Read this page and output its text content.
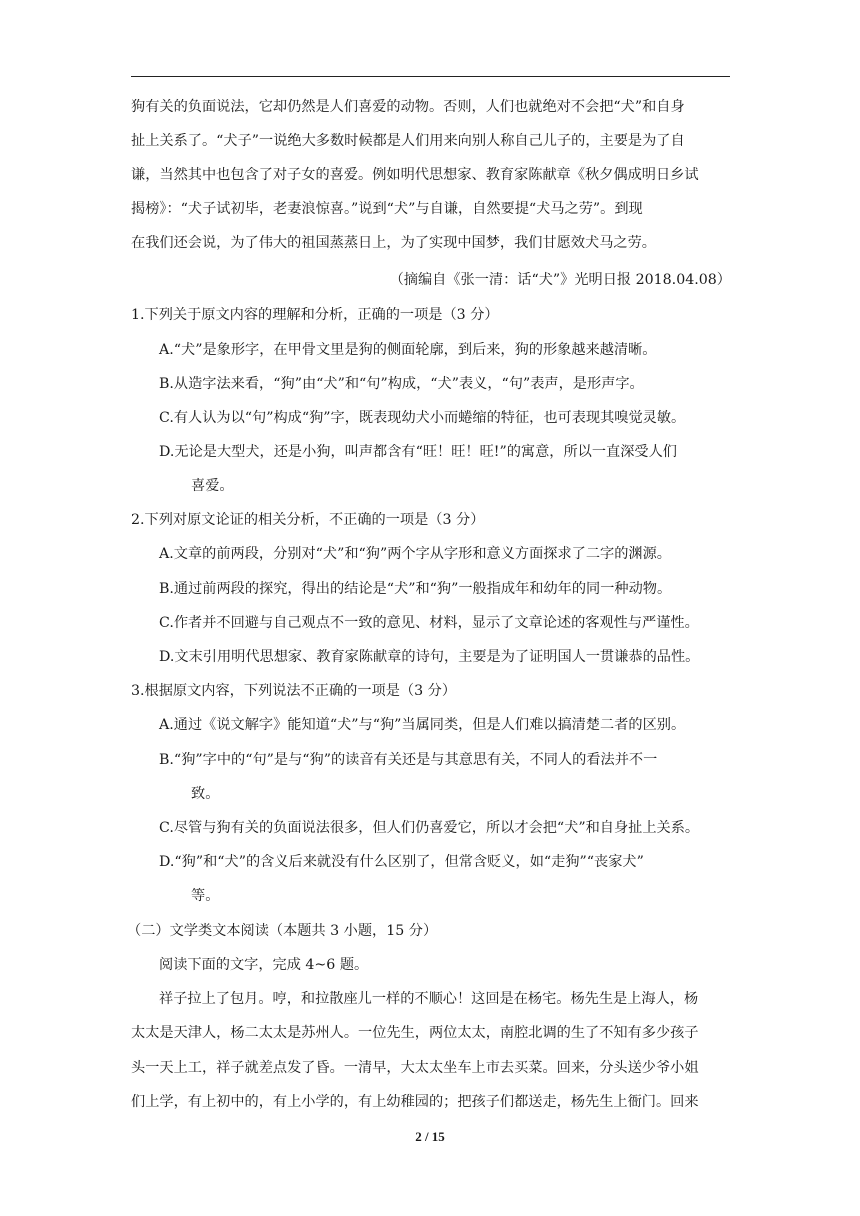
狗有关的负面说法，它却仍然是人们喜爱的动物。否则，人们也就绝对不会把“犬”和自身
扯上关系了。“犬子”一说绝大多数时候都是人们用来向别人称自己儿子的，主要是为了自
谦，当然其中也包含了对子女的喜爱。例如明代思想家、教育家陈献章《秋夕偶成明日乡试
揭榜》：“犬子试初毕，老妻浪惊喜。”说到“犬”与自谦，自然要提“犬马之劳”。到现
在我们还会说，为了伟大的祖国蒸蒸日上，为了实现中国梦，我们甘愿效犬马之劳。
（摘编自《张一清：话“犬”》光明日报 2018.04.08）
1.下列关于原文内容的理解和分析，正确的一项是（3 分）
A.“犬”是象形字，在甲骨文里是狗的侧面轮廓，到后来，狗的形象越来越清晰。
B.从造字法来看，“狗”由“犬”和“句”构成，“犬”表义，“句”表声，是形声字。
C.有人认为以“句”构成“狗”字，既表现幼犬小而蜷缩的特征，也可表现其嗅觉灵敏。
D.无论是大型犬，还是小狗，叫声都含有“旺！旺！旺!”的寓意，所以一直深受人们
喜爱。
2.下列对原文论证的相关分析，不正确的一项是（3 分）
A.文章的前两段，分别对“犬”和“狗”两个字从字形和意义方面探求了二字的渊源。
B.通过前两段的探究，得出的结论是“犬”和“狗”一般指成年和幼年的同一种动物。
C.作者并不回避与自己观点不一致的意见、材料，显示了文章论述的客观性与严谨性。
D.文末引用明代思想家、教育家陈献章的诗句，主要是为了证明国人一贯谦恭的品性。
3.根据原文内容，下列说法不正确的一项是（3 分）
A.通过《说文解字》能知道“犬”与“狗”当属同类，但是人们难以搞清楚二者的区别。
B.“狗”字中的“句”是与“狗”的读音有关还是与其意思有关，不同人的看法并不一
致。
C.尽管与狗有关的负面说法很多，但人们仍喜爱它，所以才会把“犬”和自身扯上关系。
D.“狗”和“犬”的含义后来就没有什么区别了，但常含贬义，如“走狗”“丧家犬”
等。
（二）文学类文本阅读（本题共 3 小题，15 分）
阅读下面的文字，完成 4~6 题。
祥子拉上了包月。哼，和拉散座儿一样的不顺心！这回是在杨宅。杨先生是上海人，杨
太太是天津人，杨二太太是苏州人。一位先生，两位太太，南腔北调的生了不知有多少孩子
头一天上工，祥子就差点发了昏。一清早，大太太坐车上市去买菜。回来，分头送少爷小姐
们上学，有上初中的，有上小学的，有上幼稚园的；把孩子们都送走，杨先生上衙门。回来
2 / 15
